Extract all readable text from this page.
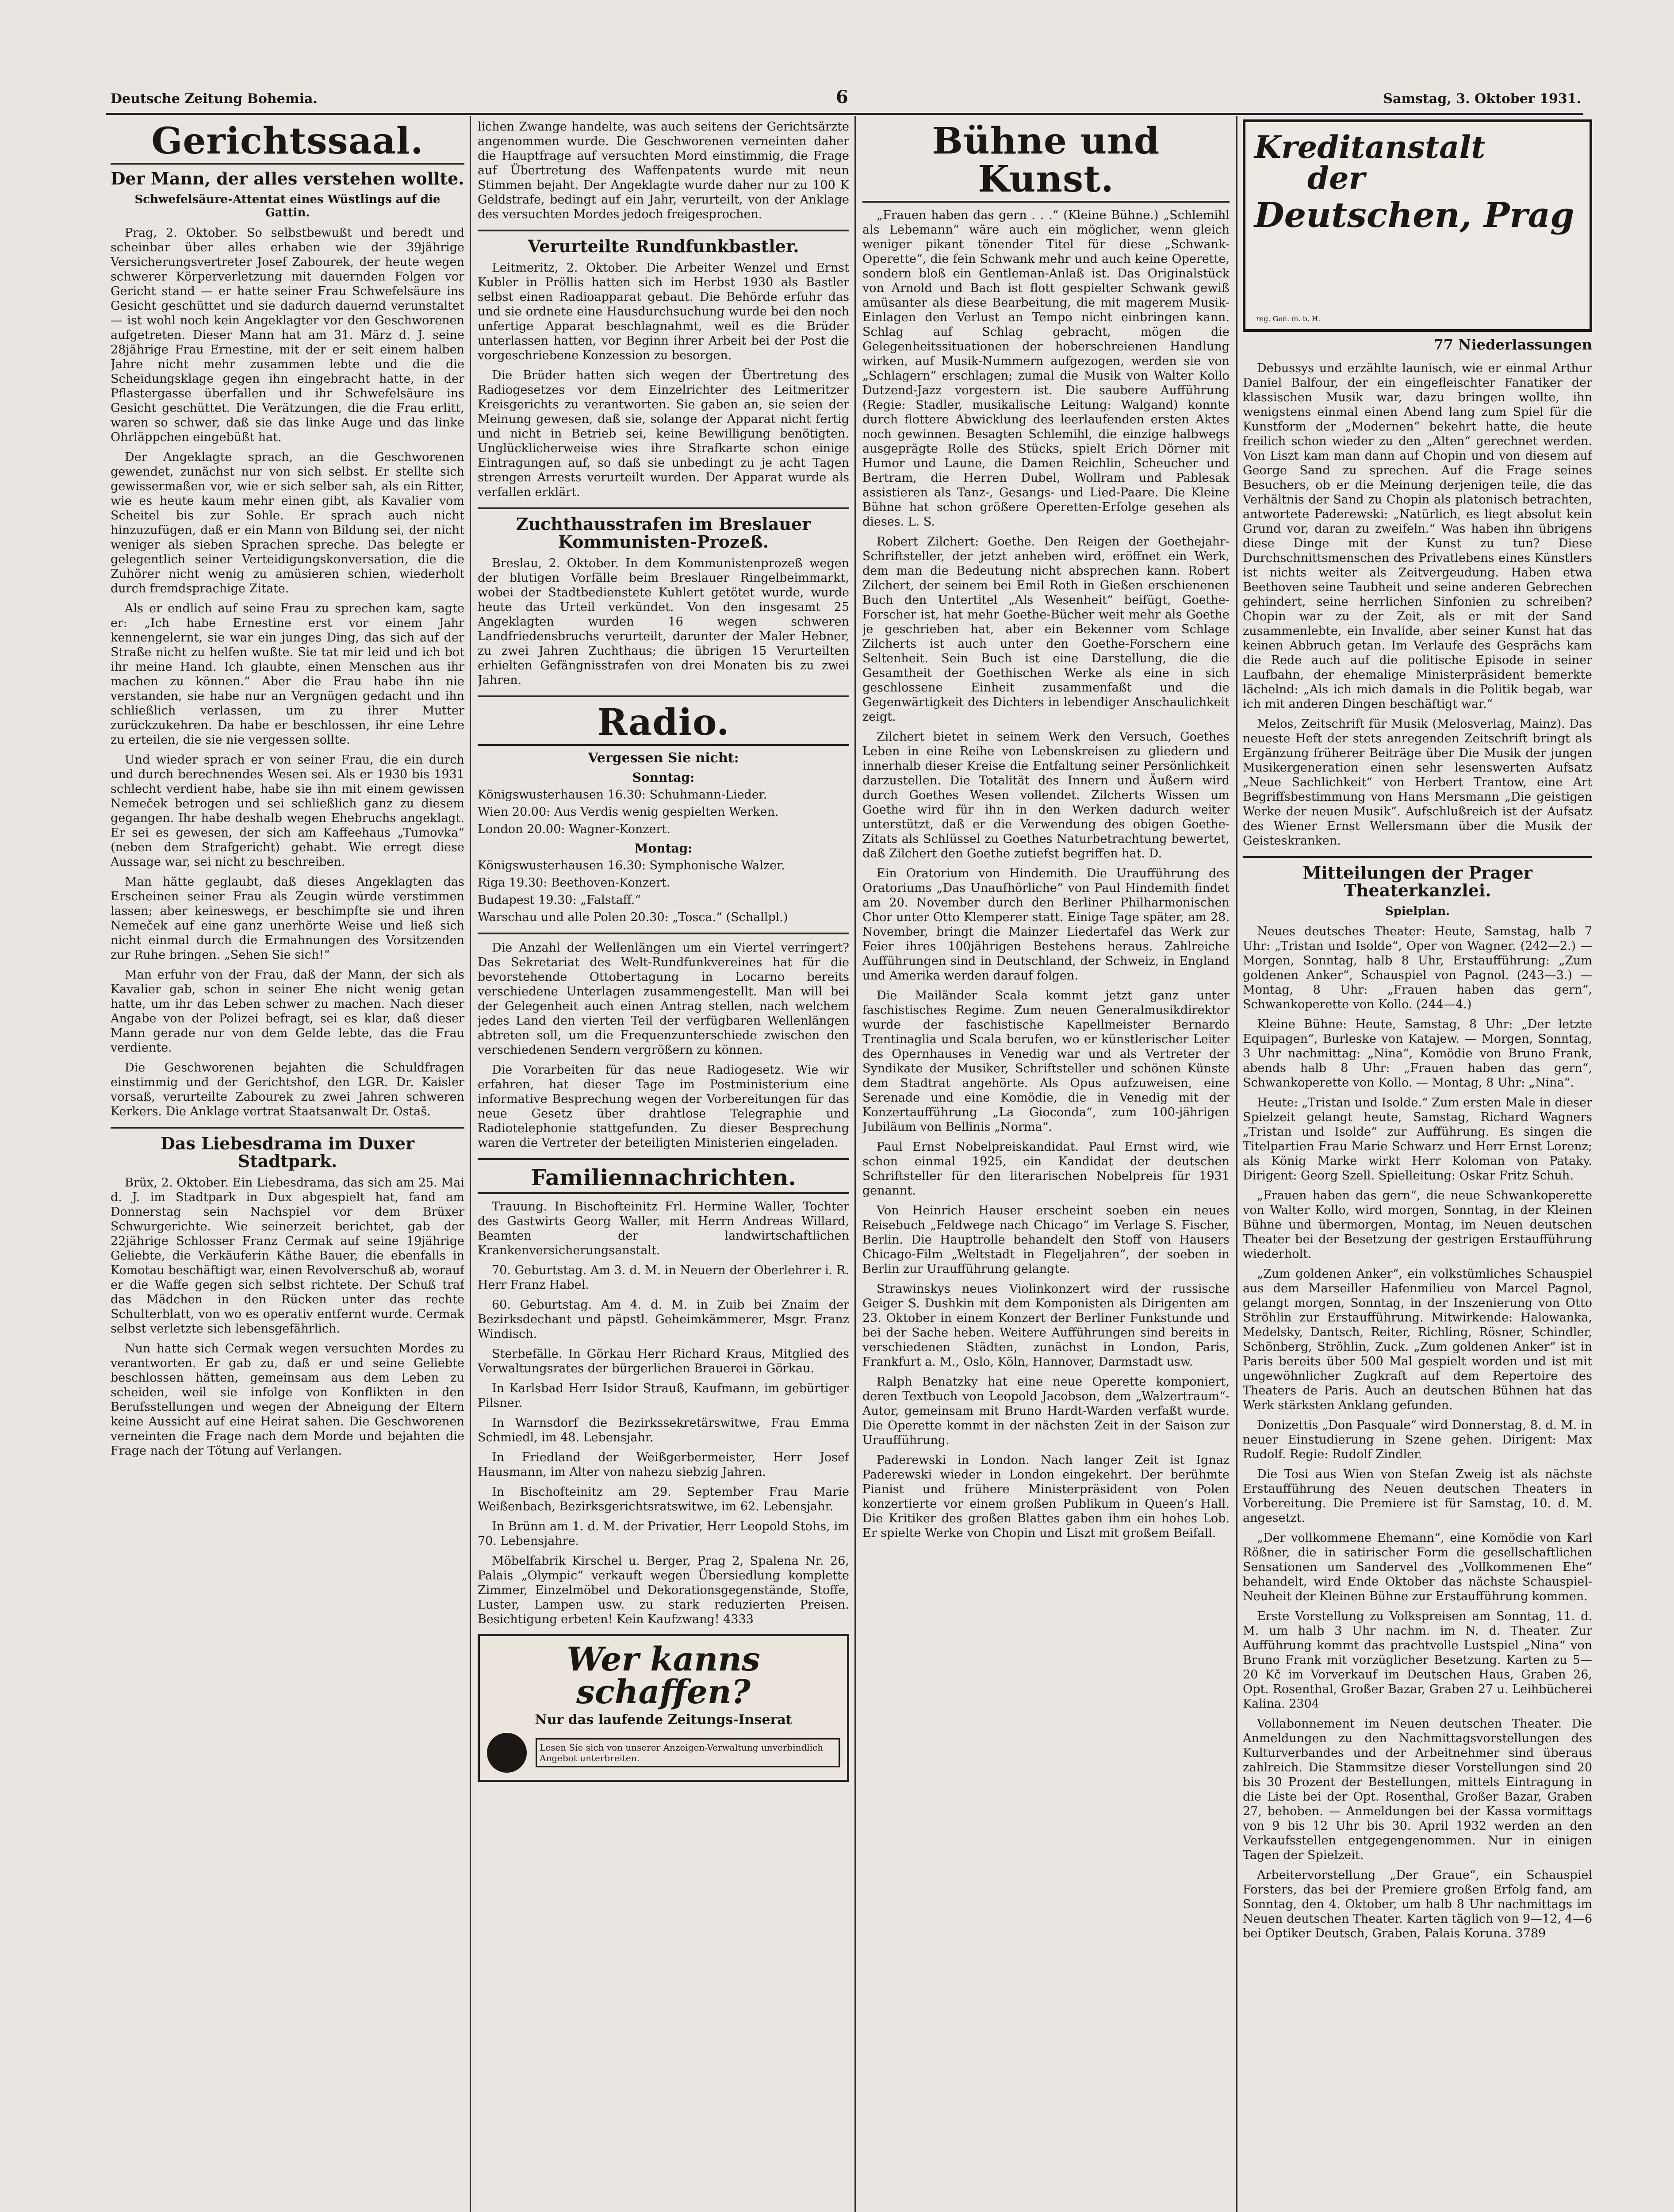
Deutsche Zeitung Bohemia.	6	Samstag, 3. Oktober 1931.
Gerichtssaal.
Der Mann, der alles verstehen wollte.
Schwefelsäure-Attentat eines Wüstlings auf die Gattin.

Prag, 2. Oktober. So selbstbewußt und beredt und scheinbar über alles erhaben wie der 39jährige Versicherungsvertreter Josef Zabourek, der heute wegen schwerer Körperverletzung mit dauernden Folgen vor Gericht stand — er hatte seiner Frau Schwefelsäure ins Gesicht geschüttet und sie dadurch dauernd verunstaltet — ist wohl noch kein Angeklagter vor den Geschworenen aufgetreten. Dieser Mann hat am 31. März d. J. seine 28jährige Frau Ernestine, mit der er seit einem halben Jahre nicht mehr zusammen lebte und die die Scheidungsklage gegen ihn eingebracht hatte, in der Pflastergasse überfallen und ihr Schwefelsäure ins Gesicht geschüttet. Die Verätzungen, die die Frau erlitt, waren so schwer, daß sie das linke Auge und das linke Ohrläppchen eingebüßt hat.

Der Angeklagte sprach, an die Geschworenen gewendet, zunächst nur von sich selbst. Er stellte sich gewissermaßen vor, wie er sich selber sah, als ein Ritter, wie es heute kaum mehr einen gibt, als Kavalier vom Scheitel bis zur Sohle. Er sprach auch nicht hinzuzufügen, daß er ein Mann von Bildung sei, der nicht weniger als sieben Sprachen spreche. Das belegte er gelegentlich seiner Verteidigungskonversation, die die Zuhörer nicht wenig zu amüsieren schien, wiederholt durch fremdsprachige Zitate.

Als er endlich auf seine Frau zu sprechen kam, sagte er: „Ich habe Ernestine erst vor einem Jahr kennengelernt, sie war ein junges Ding, das sich auf der Straße nicht zu helfen wußte. Sie tat mir leid und ich bot ihr meine Hand. Ich glaubte, einen Menschen aus ihr machen zu können.“ Aber die Frau habe ihn nie verstanden, sie habe nur an Vergnügen gedacht und ihn schließlich verlassen, um zu ihrer Mutter zurückzukehren. Da habe er beschlossen, ihr eine Lehre zu erteilen, die sie nie vergessen sollte.

Und wieder sprach er von seiner Frau, die ein durch und durch berechnendes Wesen sei. Als er 1930 bis 1931 schlecht verdient habe, habe sie ihn mit einem gewissen Nemeček betrogen und sei schließlich ganz zu diesem gegangen. Ihr habe deshalb wegen Ehebruchs angeklagt. Er sei es gewesen, der sich am Kaffeehaus „Tumovka“ (neben dem Strafgericht) gehabt. Wie erregt diese Aussage war, sei nicht zu beschreiben.

Man hätte geglaubt, daß dieses Angeklagten das Erscheinen seiner Frau als Zeugin würde verstimmen lassen; aber keineswegs, er beschimpfte sie und ihren Nemeček auf eine ganz unerhörte Weise und ließ sich nicht einmal durch die Ermahnungen des Vorsitzenden zur Ruhe bringen. „Sehen Sie sich!“

Man erfuhr von der Frau, daß der Mann, der sich als Kavalier gab, schon in seiner Ehe nicht wenig getan hatte, um ihr das Leben schwer zu machen. Nach dieser Angabe von der Polizei befragt, sei es klar, daß dieser Mann gerade nur von dem Gelde lebte, das die Frau verdiente.

Die Geschworenen bejahten die Schuldfragen einstimmig und der Gerichtshof, den LGR. Dr. Kaisler vorsaß, verurteilte Zabourek zu zwei Jahren schweren Kerkers. Die Anklage vertrat Staatsanwalt Dr. Ostaš.

Das Liebesdrama im Duxer Stadtpark.

Brüx, 2. Oktober. Ein Liebesdrama, das sich am 25. Mai d. J. im Stadtpark in Dux abgespielt hat, fand am Donnerstag sein Nachspiel vor dem Brüxer Schwurgerichte. Wie seinerzeit berichtet, gab der 22jährige Schlosser Franz Cermak auf seine 19jährige Geliebte, die Verkäuferin Käthe Bauer, die ebenfalls in Komotau beschäftigt war, einen Revolverschuß ab, worauf er die Waffe gegen sich selbst richtete. Der Schuß traf das Mädchen in den Rücken unter das rechte Schulterblatt, von wo es operativ entfernt wurde. Cermak selbst verletzte sich lebensgefährlich.

Nun hatte sich Cermak wegen versuchten Mordes zu verantworten. Er gab zu, daß er und seine Geliebte beschlossen hätten, gemeinsam aus dem Leben zu scheiden, weil sie infolge von Konflikten in den Berufsstellungen und wegen der Abneigung der Eltern keine Aussicht auf eine Heirat sahen. Die Geschworenen verneinten die Frage nach dem Morde und bejahten die Frage nach der Tötung auf Verlangen.

lichen Zwange handelte, was auch seitens der Gerichtsärzte angenommen wurde. Die Geschworenen verneinten daher die Hauptfrage auf versuchten Mord einstimmig, die Frage auf Übertretung des Waffenpatents wurde mit neun Stimmen bejaht. Der Angeklagte wurde daher nur zu 100 K Geldstrafe, bedingt auf ein Jahr, verurteilt, von der Anklage des versuchten Mordes jedoch freigesprochen.

Verurteilte Rundfunkbastler.

Leitmeritz, 2. Oktober. Die Arbeiter Wenzel und Ernst Kubler in Pröllis hatten sich im Herbst 1930 als Bastler selbst einen Radioapparat gebaut. Die Behörde erfuhr das und sie ordnete eine Hausdurchsuchung wurde bei den noch unfertige Apparat beschlagnahmt, weil es die Brüder unterlassen hatten, vor Beginn ihrer Arbeit bei der Post die vorgeschriebene Konzession zu besorgen.

Die Brüder hatten sich wegen der Übertretung des Radiogesetzes vor dem Einzelrichter des Leitmeritzer Kreisgerichts zu verantworten. Sie gaben an, sie seien der Meinung gewesen, daß sie, solange der Apparat nicht fertig und nicht in Betrieb sei, keine Bewilligung benötigten. Unglücklicherweise wies ihre Strafkarte schon einige Eintragungen auf, so daß sie unbedingt zu je acht Tagen strengen Arrests verurteilt wurden. Der Apparat wurde als verfallen erklärt.

Zuchthausstrafen im Breslauer Kommunisten-Prozeß.

Breslau, 2. Oktober. In dem Kommunistenprozeß wegen der blutigen Vorfälle beim Breslauer Ringelbeimmarkt, wobei der Stadtbedienstete Kuhlert getötet wurde, wurde heute das Urteil verkündet. Von den insgesamt 25 Angeklagten wurden 16 wegen schweren Landfriedensbruchs verurteilt, darunter der Maler Hebner, zu zwei Jahren Zuchthaus; die übrigen 15 Verurteilten erhielten Gefängnisstrafen von drei Monaten bis zu zwei Jahren.

Radio.
Vergessen Sie nicht:
Sonntag:
Königswusterhausen 16.30: Schuhmann-Lieder.
Wien 20.00: Aus Verdis wenig gespielten Werken.
London 20.00: Wagner-Konzert.
Montag:
Königswusterhausen 16.30: Symphonische Walzer.
Riga 19.30: Beethoven-Konzert.
Budapest 19.30: „Falstaff.“
Warschau und alle Polen 20.30: „Tosca.“ (Schallpl.)

Die Anzahl der Wellenlängen um ein Viertel verringert? Das Sekretariat des Welt-Rundfunkvereines hat für die bevorstehende Ottobertagung in Locarno bereits verschiedene Unterlagen zusammengestellt. Man will bei der Gelegenheit auch einen Antrag stellen, nach welchem jedes Land den vierten Teil der verfügbaren Wellenlängen abtreten soll, um die Frequenzunterschiede zwischen den verschiedenen Sendern vergrößern zu können.

Die Vorarbeiten für das neue Radiogesetz. Wie wir erfahren, hat dieser Tage im Postministerium eine informative Besprechung wegen der Vorbereitungen für das neue Gesetz über drahtlose Telegraphie und Radiotelephonie stattgefunden. Zu dieser Besprechung waren die Vertreter der beteiligten Ministerien eingeladen.

Familiennachrichten.

Trauung. In Bischofteinitz Frl. Hermine Waller, Tochter des Gastwirts Georg Waller, mit Herrn Andreas Willard, Beamten der landwirtschaftlichen Krankenversicherungsanstalt.

70. Geburtstag. Am 3. d. M. in Neuern der Oberlehrer i. R. Herr Franz Habel.

60. Geburtstag. Am 4. d. M. in Zuib bei Znaim der Bezirksdechant und päpstl. Geheimkämmerer, Msgr. Franz Windisch.

Sterbefälle. In Görkau Herr Richard Kraus, Mitglied des Verwaltungsrates der bürgerlichen Brauerei in Görkau.

In Karlsbad Herr Isidor Strauß, Kaufmann, im gebürtiger Pilsner.

In Warnsdorf die Bezirkssekretärswitwe, Frau Emma Schmiedl, im 48. Lebensjahr.

In Friedland der Weißgerbermeister, Herr Josef Hausmann, im Alter von nahezu siebzig Jahren.

In Bischofteinitz am 29. September Frau Marie Weißenbach, Bezirksgerichtsratswitwe, im 62. Lebensjahr.

In Brünn am 1. d. M. der Privatier, Herr Leopold Stohs, im 70. Lebensjahre.

Möbelfabrik Kirschel u. Berger, Prag 2, Spalena Nr. 26, Palais „Olympic“ verkauft wegen Übersiedlung komplette Zimmer, Einzelmöbel und Dekorationsgegenstände, Stoffe, Luster, Lampen usw. zu stark reduzierten Preisen. Besichtigung erbeten! Kein Kaufzwang! 4333

Wer kanns schaffen?
Nur das laufende Zeitungs-Inserat
Lesen Sie sich von unserer Anzeigen-Verwaltung unverbindlich Angebot unterbreiten.
Bühne und Kunst.

„Frauen haben das gern . . .“ (Kleine Bühne.) „Schlemihl als Lebemann“ wäre auch ein möglicher, wenn gleich weniger pikant tönender Titel für diese „Schwank-Operette“, die fein Schwank mehr und auch keine Operette, sondern bloß ein Gentleman-Anlaß ist. Das Originalstück von Arnold und Bach ist flott gespielter Schwank gewiß amüsanter als diese Bearbeitung, die mit magerem Musik-Einlagen den Verlust an Tempo nicht einbringen kann. Schlag auf Schlag gebracht, mögen die Gelegenheitssituationen der hoberschreienen Handlung wirken, auf Musik-Nummern aufgezogen, werden sie von „Schlagern“ erschlagen; zumal die Musik von Walter Kollo Dutzend-Jazz vorgestern ist. Die saubere Aufführung (Regie: Stadler, musikalische Leitung: Walgand) konnte durch flottere Abwicklung des leerlaufenden ersten Aktes noch gewinnen. Besagten Schlemihl, die einzige halbwegs ausgeprägte Rolle des Stücks, spielt Erich Dörner mit Humor und Laune, die Damen Reichlin, Scheucher und Bertram, die Herren Dubel, Wollram und Pablesak assistieren als Tanz-, Gesangs- und Lied-Paare. Die Kleine Bühne hat schon größere Operetten-Erfolge gesehen als dieses. L. S.

Robert Zilchert: Goethe. Den Reigen der Goethejahr-Schriftsteller, der jetzt anheben wird, eröffnet ein Werk, dem man die Bedeutung nicht absprechen kann. Robert Zilchert, der seinem bei Emil Roth in Gießen erschienenen Buch den Untertitel „Als Wesenheit“ beifügt, Goethe-Forscher ist, hat mehr Goethe-Bücher weit mehr als Goethe je geschrieben hat, aber ein Bekenner vom Schlage Zilcherts ist auch unter den Goethe-Forschern eine Seltenheit. Sein Buch ist eine Darstellung, die die Gesamtheit der Goethischen Werke als eine in sich geschlossene Einheit zusammenfaßt und die Gegenwärtigkeit des Dichters in lebendiger Anschaulichkeit zeigt.

Zilchert bietet in seinem Werk den Versuch, Goethes Leben in eine Reihe von Lebenskreisen zu gliedern und innerhalb dieser Kreise die Entfaltung seiner Persönlichkeit darzustellen. Die Totalität des Innern und Äußern wird durch Goethes Wesen vollendet. Zilcherts Wissen um Goethe wird für ihn in den Werken dadurch weiter unterstützt, daß er die Verwendung des obigen Goethe-Zitats als Schlüssel zu Goethes Naturbetrachtung bewertet, daß Zilchert den Goethe zutiefst begriffen hat. D.

Ein Oratorium von Hindemith. Die Uraufführung des Oratoriums „Das Unaufhörliche“ von Paul Hindemith findet am 20. November durch den Berliner Philharmonischen Chor unter Otto Klemperer statt. Einige Tage später, am 28. November, bringt die Mainzer Liedertafel das Werk zur Feier ihres 100jährigen Bestehens heraus. Zahlreiche Aufführungen sind in Deutschland, der Schweiz, in England und Amerika werden darauf folgen.

Die Mailänder Scala kommt jetzt ganz unter faschistisches Regime. Zum neuen Generalmusikdirektor wurde der faschistische Kapellmeister Bernardo Trentinaglia und Scala berufen, wo er künstlerischer Leiter des Opernhauses in Venedig war und als Vertreter der Syndikate der Musiker, Schriftsteller und schönen Künste dem Stadtrat angehörte. Als Opus aufzuweisen, eine Serenade und eine Komödie, die in Venedig mit der Konzertaufführung „La Gioconda“, zum 100-jährigen Jubiläum von Bellinis „Norma“.

Paul Ernst Nobelpreiskandidat. Paul Ernst wird, wie schon einmal 1925, ein Kandidat der deutschen Schriftsteller für den literarischen Nobelpreis für 1931 genannt.

Von Heinrich Hauser erscheint soeben ein neues Reisebuch „Feldwege nach Chicago“ im Verlage S. Fischer, Berlin. Die Hauptrolle behandelt den Stoff von Hausers Chicago-Film „Weltstadt in Flegeljahren“, der soeben in Berlin zur Uraufführung gelangte.

Strawinskys neues Violinkonzert wird der russische Geiger S. Dushkin mit dem Komponisten als Dirigenten am 23. Oktober in einem Konzert der Berliner Funkstunde und bei der Sache heben. Weitere Aufführungen sind bereits in verschiedenen Städten, zunächst in London, Paris, Frankfurt a. M., Oslo, Köln, Hannover, Darmstadt usw.

Ralph Benatzky hat eine neue Operette komponiert, deren Textbuch von Leopold Jacobson, dem „Walzertraum“-Autor, gemeinsam mit Bruno Hardt-Warden verfaßt wurde. Die Operette kommt in der nächsten Zeit in der Saison zur Uraufführung.

Paderewski in London. Nach langer Zeit ist Ignaz Paderewski wieder in London eingekehrt. Der berühmte Pianist und frühere Ministerpräsident von Polen konzertierte vor einem großen Publikum in Queen’s Hall. Die Kritiker des großen Blattes gaben ihm ein hohes Lob. Er spielte Werke von Chopin und Liszt mit großem Beifall.

Kreditanstalt
der
Deutschen, Prag
reg. Gen. m. b. H.
77 Niederlassungen

Debussys und erzählte launisch, wie er einmal Arthur Daniel Balfour, der ein eingefleischter Fanatiker der klassischen Musik war, dazu bringen wollte, ihn wenigstens einmal einen Abend lang zum Spiel für die Kunstform der „Modernen“ bekehrt hatte, die heute freilich schon wieder zu den „Alten“ gerechnet werden. Von Liszt kam man dann auf Chopin und von diesem auf George Sand zu sprechen. Auf die Frage seines Besuchers, ob er die Meinung derjenigen teile, die das Verhältnis der Sand zu Chopin als platonisch betrachten, antwortete Paderewski: „Natürlich, es liegt absolut kein Grund vor, daran zu zweifeln.“ Was haben ihn übrigens diese Dinge mit der Kunst zu tun? Diese Durchschnittsmenschen des Privatlebens eines Künstlers ist nichts weiter als Zeitvergeudung. Haben etwa Beethoven seine Taubheit und seine anderen Gebrechen gehindert, seine herrlichen Sinfonien zu schreiben? Chopin war zu der Zeit, als er mit der Sand zusammenlebte, ein Invalide, aber seiner Kunst hat das keinen Abbruch getan. Im Verlaufe des Gesprächs kam die Rede auch auf die politische Episode in seiner Laufbahn, der ehemalige Ministerpräsident bemerkte lächelnd: „Als ich mich damals in die Politik begab, war ich mit anderen Dingen beschäftigt war.“

Melos, Zeitschrift für Musik (Melosverlag, Mainz). Das neueste Heft der stets anregenden Zeitschrift bringt als Ergänzung früherer Beiträge über Die Musik der jungen Musikergeneration einen sehr lesenswerten Aufsatz „Neue Sachlichkeit“ von Herbert Trantow, eine Art Begriffsbestimmung von Hans Mersmann „Die geistigen Werke der neuen Musik“. Aufschlußreich ist der Aufsatz des Wiener Ernst Wellersmann über die Musik der Geisteskranken.

Mitteilungen der Prager Theaterkanzlei.
Spielplan.

Neues deutsches Theater: Heute, Samstag, halb 7 Uhr: „Tristan und Isolde“, Oper von Wagner. (242—2.) — Morgen, Sonntag, halb 8 Uhr, Erstaufführung: „Zum goldenen Anker“, Schauspiel von Pagnol. (243—3.) — Montag, 8 Uhr: „Frauen haben das gern“, Schwankoperette von Kollo. (244—4.)

Kleine Bühne: Heute, Samstag, 8 Uhr: „Der letzte Equipagen“, Burleske von Katajew. — Morgen, Sonntag, 3 Uhr nachmittag: „Nina“, Komödie von Bruno Frank, abends halb 8 Uhr: „Frauen haben das gern“, Schwankoperette von Kollo. — Montag, 8 Uhr: „Nina“.

Heute: „Tristan und Isolde.“ Zum ersten Male in dieser Spielzeit gelangt heute, Samstag, Richard Wagners „Tristan und Isolde“ zur Aufführung. Es singen die Titelpartien Frau Marie Schwarz und Herr Ernst Lorenz; als König Marke wirkt Herr Koloman von Pataky. Dirigent: Georg Szell. Spielleitung: Oskar Fritz Schuh.

„Frauen haben das gern“, die neue Schwankoperette von Walter Kollo, wird morgen, Sonntag, in der Kleinen Bühne und übermorgen, Montag, im Neuen deutschen Theater bei der Besetzung der gestrigen Erstaufführung wiederholt.

„Zum goldenen Anker“, ein volkstümliches Schauspiel aus dem Marseiller Hafenmilieu von Marcel Pagnol, gelangt morgen, Sonntag, in der Inszenierung von Otto Ströhlin zur Erstaufführung. Mitwirkende: Halowanka, Medelsky, Dantsch, Reiter, Richling, Rösner, Schindler, Schönberg, Ströhlin, Zuck. „Zum goldenen Anker“ ist in Paris bereits über 500 Mal gespielt worden und ist mit ungewöhnlicher Zugkraft auf dem Repertoire des Theaters de Paris. Auch an deutschen Bühnen hat das Werk stärksten Anklang gefunden.

Donizettis „Don Pasquale“ wird Donnerstag, 8. d. M. in neuer Einstudierung in Szene gehen. Dirigent: Max Rudolf. Regie: Rudolf Zindler.

Die Tosi aus Wien von Stefan Zweig ist als nächste Erstaufführung des Neuen deutschen Theaters in Vorbereitung. Die Premiere ist für Samstag, 10. d. M. angesetzt.

„Der vollkommene Ehemann“, eine Komödie von Karl Rößner, die in satirischer Form die gesellschaftlichen Sensationen um Sandervel des „Vollkommenen Ehe“ behandelt, wird Ende Oktober das nächste Schauspiel-Neuheit der Kleinen Bühne zur Erstaufführung kommen.

Erste Vorstellung zu Volkspreisen am Sonntag, 11. d. M. um halb 3 Uhr nachm. im N. d. Theater. Zur Aufführung kommt das prachtvolle Lustspiel „Nina“ von Bruno Frank mit vorzüglicher Besetzung. Karten zu 5—20 Kč im Vorverkauf im Deutschen Haus, Graben 26, Opt. Rosenthal, Großer Bazar, Graben 27 u. Leihbücherei Kalina. 2304

Vollabonnement im Neuen deutschen Theater. Die Anmeldungen zu den Nachmittagsvorstellungen des Kulturverbandes und der Arbeitnehmer sind überaus zahlreich. Die Stammsitze dieser Vorstellungen sind 20 bis 30 Prozent der Bestellungen, mittels Eintragung in die Liste bei der Opt. Rosenthal, Großer Bazar, Graben 27, behoben. — Anmeldungen bei der Kassa vormittags von 9 bis 12 Uhr bis 30. April 1932 werden an den Verkaufsstellen entgegengenommen. Nur in einigen Tagen der Spielzeit.

Arbeitervorstellung „Der Graue“, ein Schauspiel Forsters, das bei der Premiere großen Erfolg fand, am Sonntag, den 4. Oktober, um halb 8 Uhr nachmittags im Neuen deutschen Theater. Karten täglich von 9—12, 4—6 bei Optiker Deutsch, Graben, Palais Koruna. 3789
